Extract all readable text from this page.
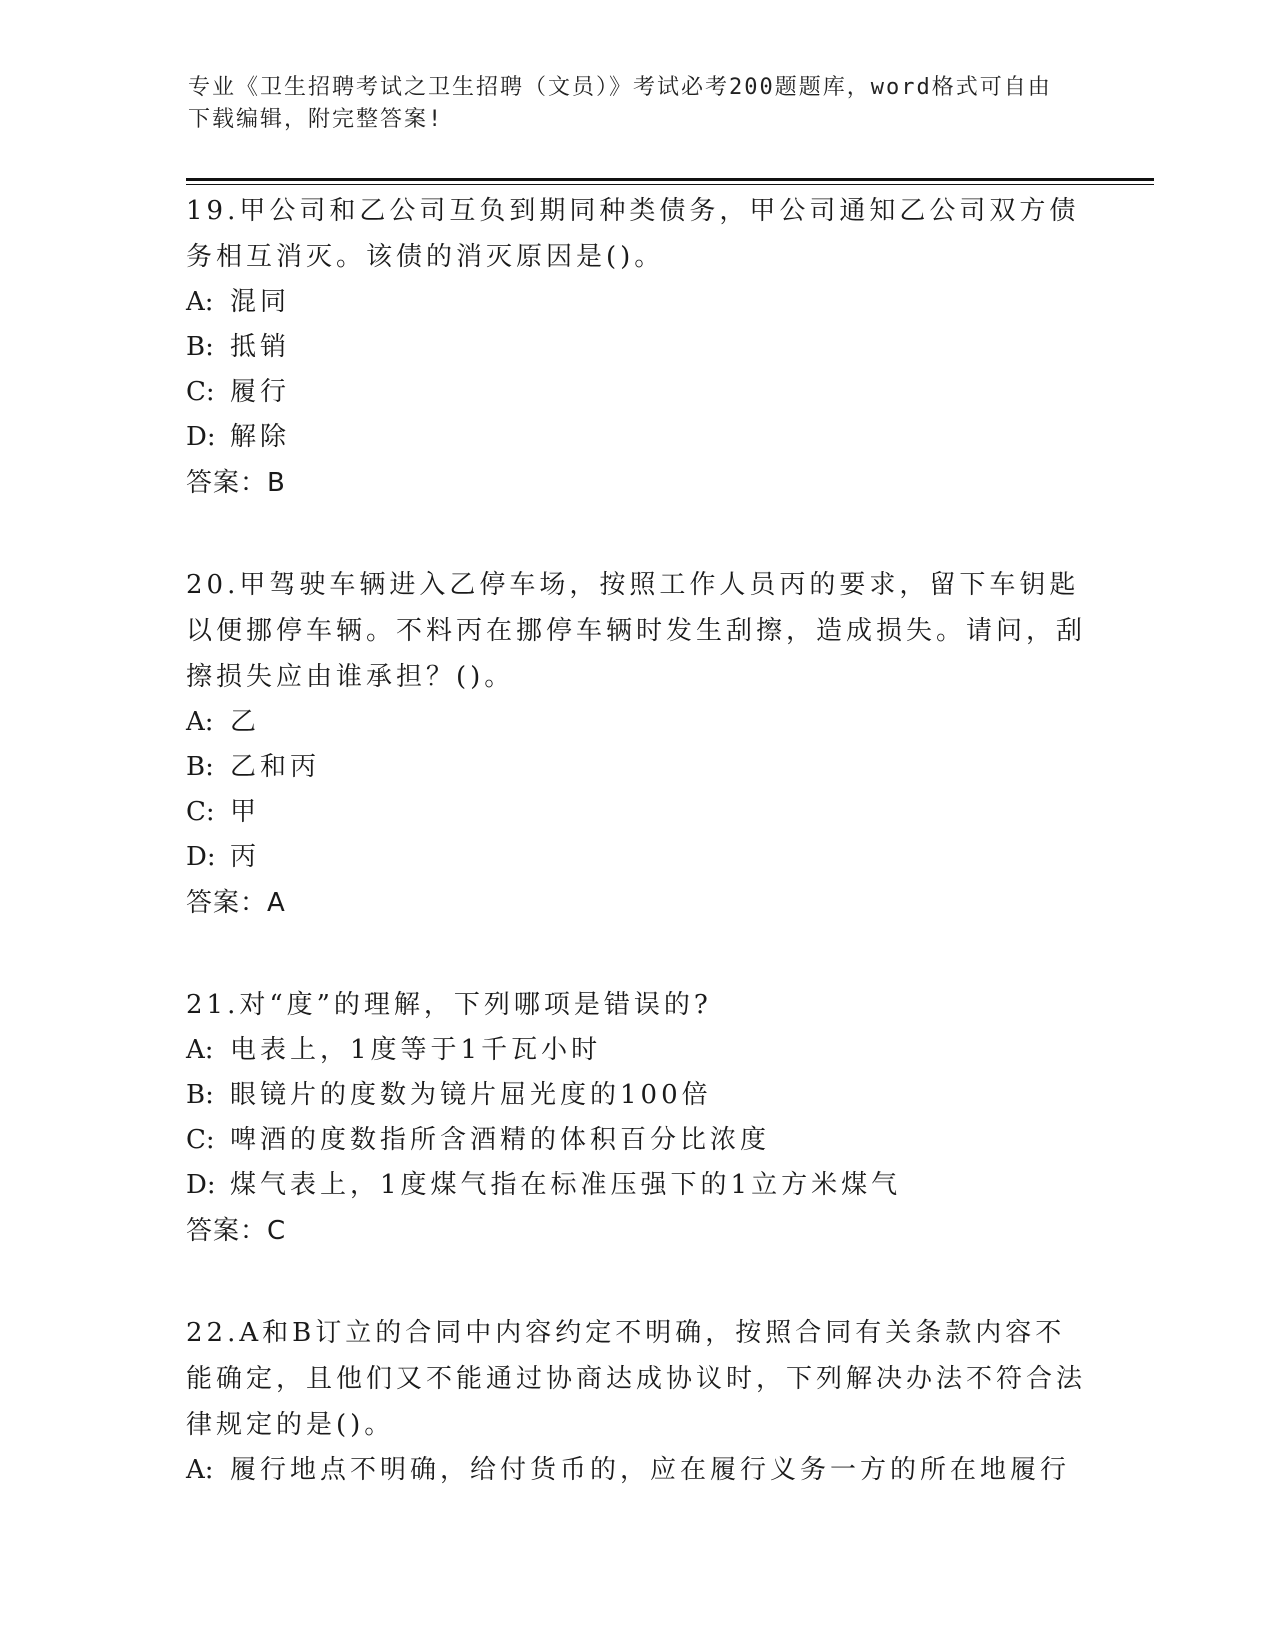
专业《卫生招聘考试之卫生招聘（文员）》考试必考200题题库，word格式可自由下载编辑，附完整答案!

19.甲公司和乙公司互负到期同种类债务，甲公司通知乙公司双方债务相互消灭。该债的消灭原因是()。

A: 混同

B: 抵销

C: 履行

D: 解除

答案：B

20.甲驾驶车辆进入乙停车场，按照工作人员丙的要求，留下车钥匙以便挪停车辆。不料丙在挪停车辆时发生刮擦，造成损失。请问，刮擦损失应由谁承担？()。

A: 乙

B: 乙和丙

C: 甲

D: 丙

答案：A

21.对“度”的理解，下列哪项是错误的?

A: 电表上，1度等于1千瓦小时

B: 眼镜片的度数为镜片屈光度的100倍

C: 啤酒的度数指所含酒精的体积百分比浓度

D: 煤气表上，1度煤气指在标准压强下的1立方米煤气

答案：C

22.A和B订立的合同中内容约定不明确，按照合同有关条款内容不能确定，且他们又不能通过协商达成协议时，下列解决办法不符合法律规定的是()。

A: 履行地点不明确，给付货币的，应在履行义务一方的所在地履行
